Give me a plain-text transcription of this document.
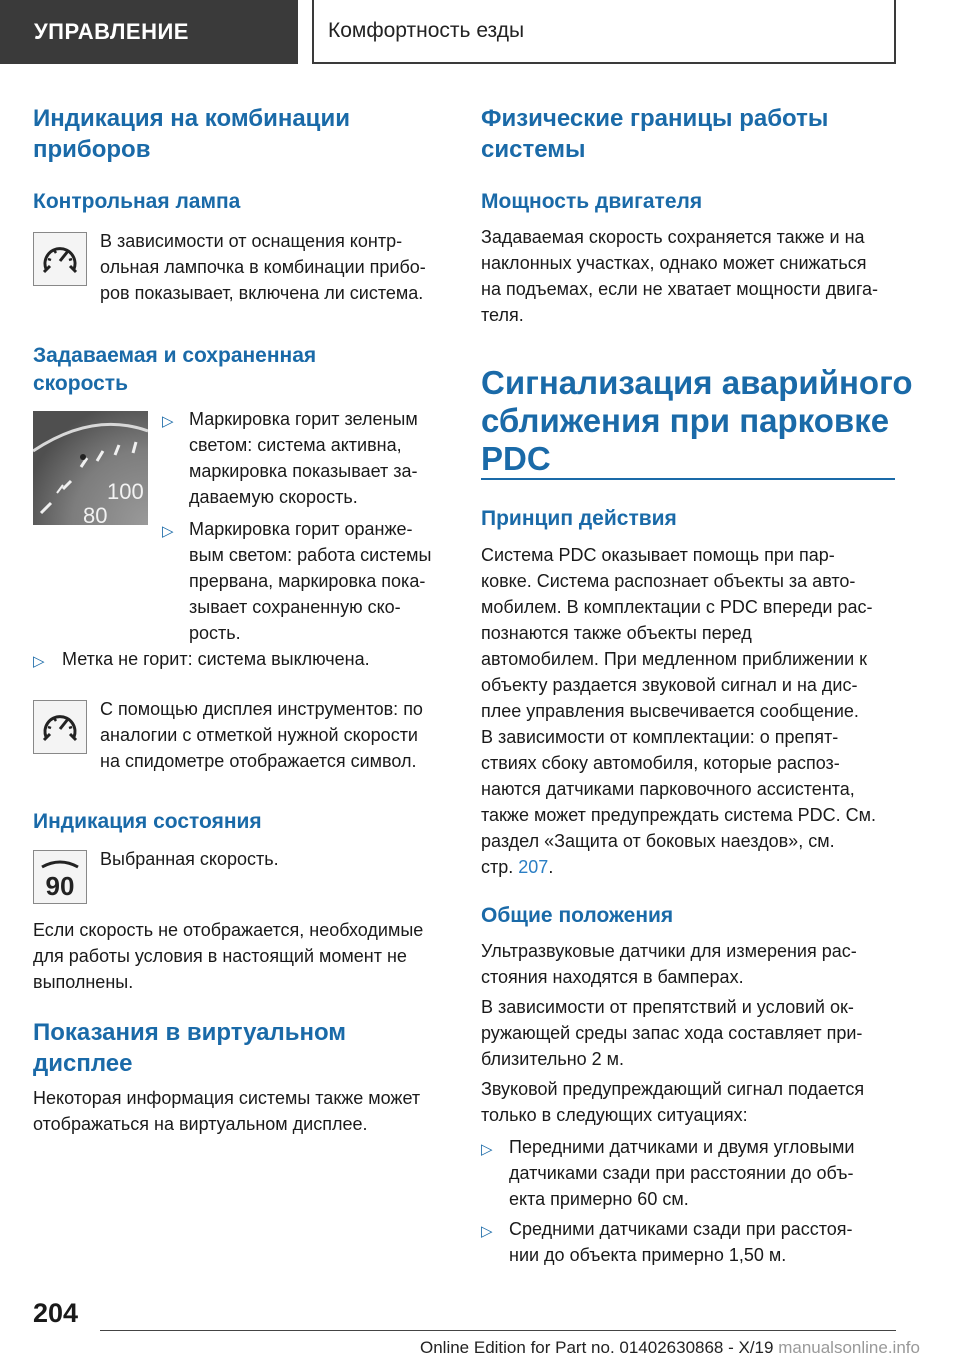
УПРАВЛЕНИЕ	Комфортность езды
Индикация на комбинации
приборов
Контрольная лампа

В зависимости от оснащения контр-
ольная лампочка в комбинации прибо-
ров показывает, включена ли система.

Задаваемая и сохраненная
скорость
100
80
▷ Маркировка горит зеленым
светом: система активна,
маркировка показывает за-
даваемую скорость.

▷ Маркировка горит оранже-
вым светом: работа системы
прервана, маркировка пока-
зывает сохраненную ско-
рость.

▷ Метка не горит: система выключена.

С помощью дисплея инструментов: по
аналогии с отметкой нужной скорости
на спидометре отображается символ.

Индикация состояния
90

Выбранная скорость.

Если скорость не отображается, необходимые
для работы условия в настоящий момент не
выполнены.

Показания в виртуальном
дисплее

Некоторая информация системы также может
отображаться на виртуальном дисплее.

Физические границы работы
системы
Мощность двигателя

Задаваемая скорость сохраняется также и на
наклонных участках, однако может снижаться
на подъемах, если не хватает мощности двига-
теля.

Сигнализация аварийного
сближения при парковке
PDC
Принцип действия

Система PDC оказывает помощь при пар-
ковке. Система распознает объекты за авто-
мобилем. В комплектации с PDC впереди рас-
познаются также объекты перед
автомобилем. При медленном приближении к
объекту раздается звуковой сигнал и на дис-
плее управления высвечивается сообщение.

В зависимости от комплектации: о препят-
ствиях сбоку автомобиля, которые распоз-
наются датчиками парковочного ассистента,
также может предупреждать система PDC. См.
раздел «Защита от боковых наездов», см.
стр. 207.

Общие положения

Ультразвуковые датчики для измерения рас-
стояния находятся в бамперах.

В зависимости от препятствий и условий ок-
ружающей среды запас хода составляет при-
близительно 2 м.

Звуковой предупреждающий сигнал подается
только в следующих ситуациях:

▷ Передними датчиками и двумя угловыми
датчиками сзади при расстоянии до объ-
екта примерно 60 см.

▷ Средними датчиками сзади при расстоя-
нии до объекта примерно 1,50 м.

204
Online Edition for Part no. 01402630868 - X/19 manualsonline.info
